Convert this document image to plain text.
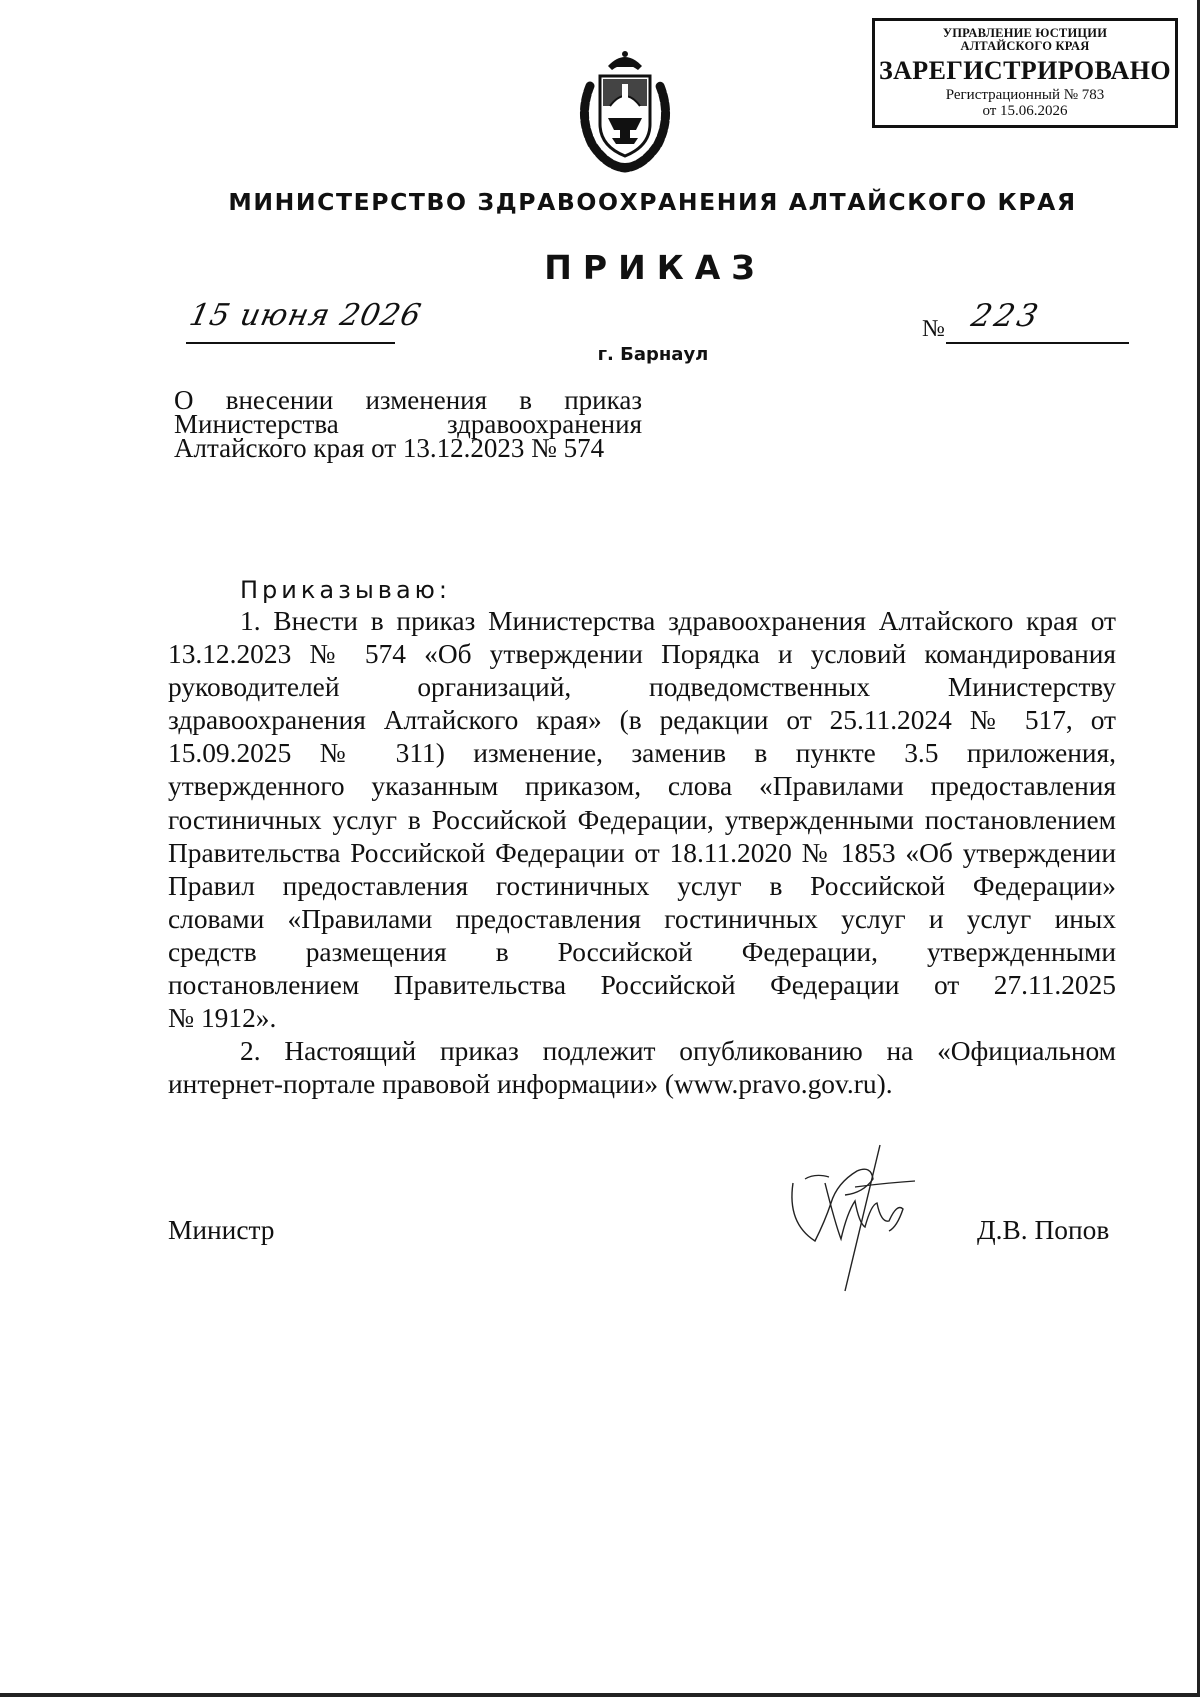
УПРАВЛЕНИЕ ЮСТИЦИИ
АЛТАЙСКОГО КРАЯ
ЗАРЕГИСТРИРОВАНО
Регистрационный № 783
от 15.06.2026
МИНИСТЕРСТВО ЗДРАВООХРАНЕНИЯ АЛТАЙСКОГО КРАЯ
ПРИКАЗ
15 июня 2026	№ 223
г. Барнаул
О внесении изменения в приказ
Министерства здравоохранения
Алтайского края от 13.12.2023 № 574
Приказываю:
1. Внести в приказ Министерства здравоохранения Алтайского края от
13.12.2023 № 574 «Об утверждении Порядка и условий командирования
руководителей организаций, подведомственных Министерству
здравоохранения Алтайского края» (в редакции от 25.11.2024 № 517, от
15.09.2025 № 311) изменение, заменив в пункте 3.5 приложения,
утвержденного указанным приказом, слова «Правилами предоставления
гостиничных услуг в Российской Федерации, утвержденными постановлением
Правительства Российской Федерации от 18.11.2020 № 1853 «Об утверждении
Правил предоставления гостиничных услуг в Российской Федерации»
словами «Правилами предоставления гостиничных услуг и услуг иных
средств размещения в Российской Федерации, утвержденными
постановлением Правительства Российской Федерации от 27.11.2025
№ 1912».
2. Настоящий приказ подлежит опубликованию на «Официальном
интернет-портале правовой информации» (www.pravo.gov.ru).
Министр	Д.В. Попов
